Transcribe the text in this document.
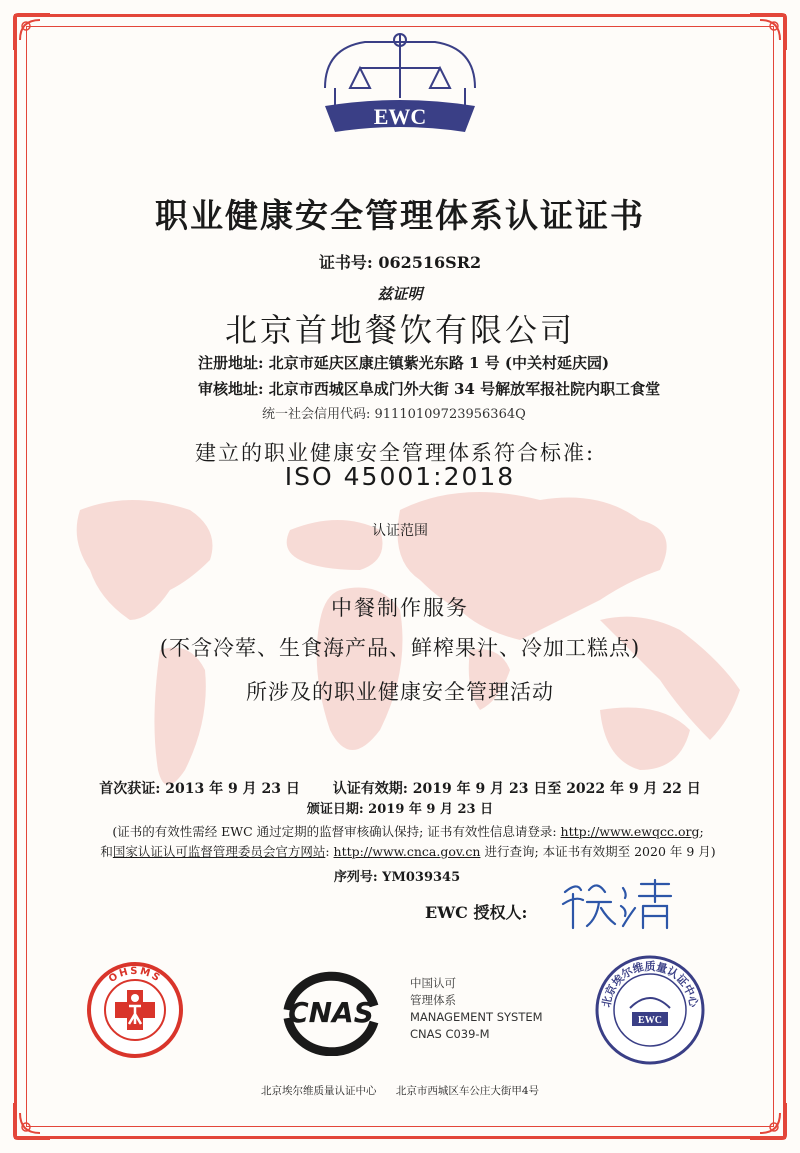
EWC
职业健康安全管理体系认证证书
证书号: 062516SR2
兹证明
北京首地餐饮有限公司
注册地址: 北京市延庆区康庄镇紫光东路 1 号 (中关村延庆园)
审核地址: 北京市西城区阜成门外大街 34 号解放军报社院内职工食堂
统一社会信用代码: 91110109723956364Q
建立的职业健康安全管理体系符合标准:
ISO 45001:2018
认证范围
中餐制作服务
(不含冷荤、生食海产品、鲜榨果汁、冷加工糕点)
所涉及的职业健康安全管理活动
首次获证: 2013 年 9 月 23 日 认证有效期: 2019 年 9 月 23 日至 2022 年 9 月 22 日
颁证日期: 2019 年 9 月 23 日
(证书的有效性需经 EWC 通过定期的监督审核确认保持; 证书有效性信息请登录: http://www.ewqcc.org;
和国家认证认可监督管理委员会官方网站: http://www.cnca.gov.cn 进行查询; 本证书有效期至 2020 年 9 月)
序列号: YM039345
EWC 授权人:
OHSMS
CNAS
中国认可
管理体系
MANAGEMENT SYSTEM
CNAS C039-M
北京埃尔维质量认证中心
EWC
北京埃尔维质量认证中心 北京市西城区车公庄大街甲4号
